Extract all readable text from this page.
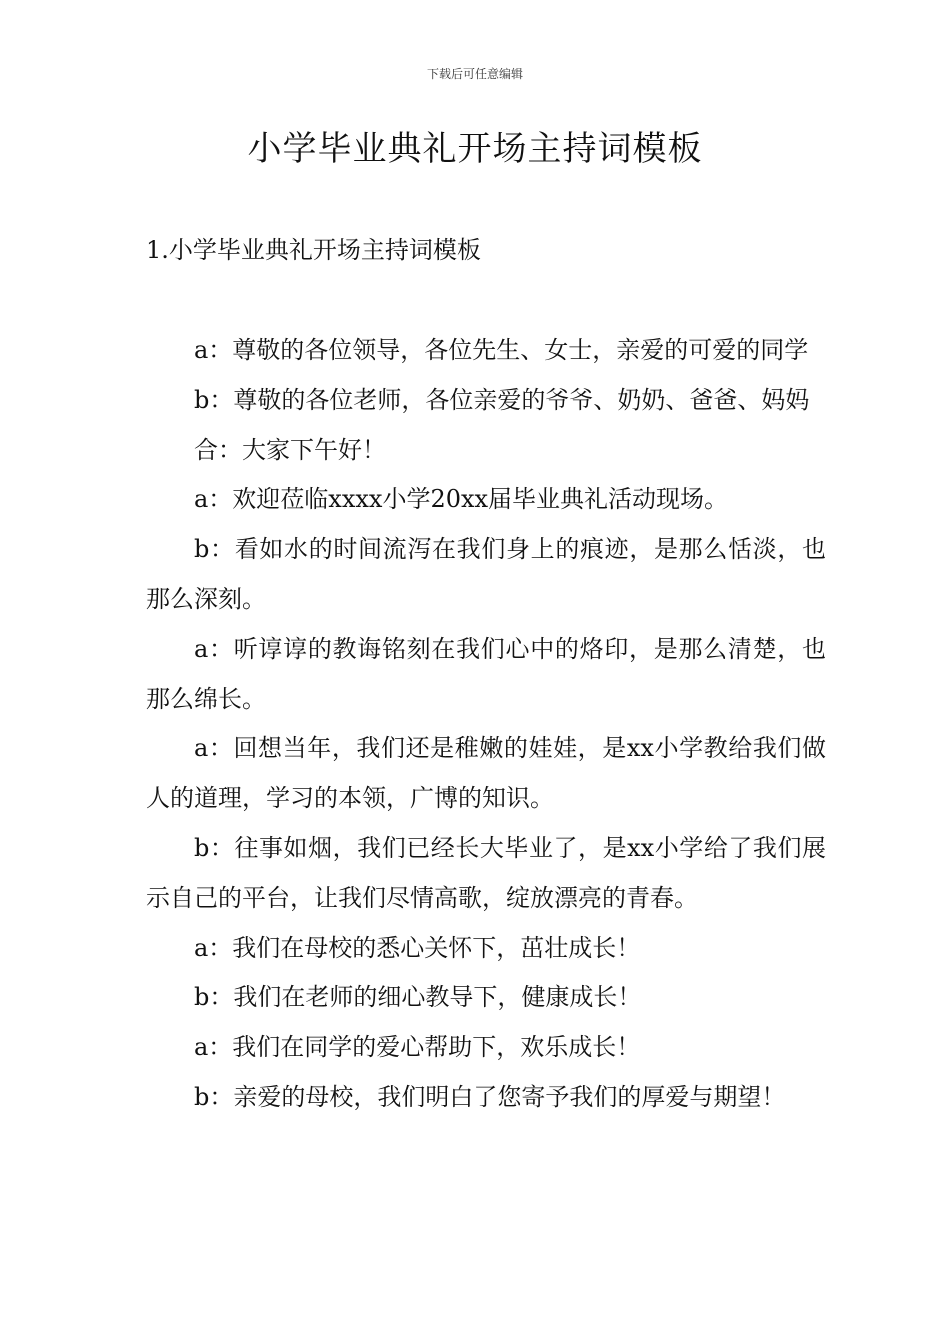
下载后可任意编辑
小学毕业典礼开场主持词模板
1.小学毕业典礼开场主持词模板

a：尊敬的各位领导，各位先生、女士，亲爱的可爱的同学

b：尊敬的各位老师，各位亲爱的爷爷、奶奶、爸爸、妈妈

合：大家下午好！

a：欢迎莅临xxxx小学20xx届毕业典礼活动现场。

b：看如水的时间流泻在我们身上的痕迹，是那么恬淡，也那么深刻。

a：听谆谆的教诲铭刻在我们心中的烙印，是那么清楚，也那么绵长。

a：回想当年，我们还是稚嫩的娃娃，是xx小学教给我们做人的道理，学习的本领，广博的知识。

b：往事如烟，我们已经长大毕业了，是xx小学给了我们展示自己的平台，让我们尽情高歌，绽放漂亮的青春。

a：我们在母校的悉心关怀下，茁壮成长！

b：我们在老师的细心教导下，健康成长！

a：我们在同学的爱心帮助下，欢乐成长！

b：亲爱的母校，我们明白了您寄予我们的厚爱与期望！
